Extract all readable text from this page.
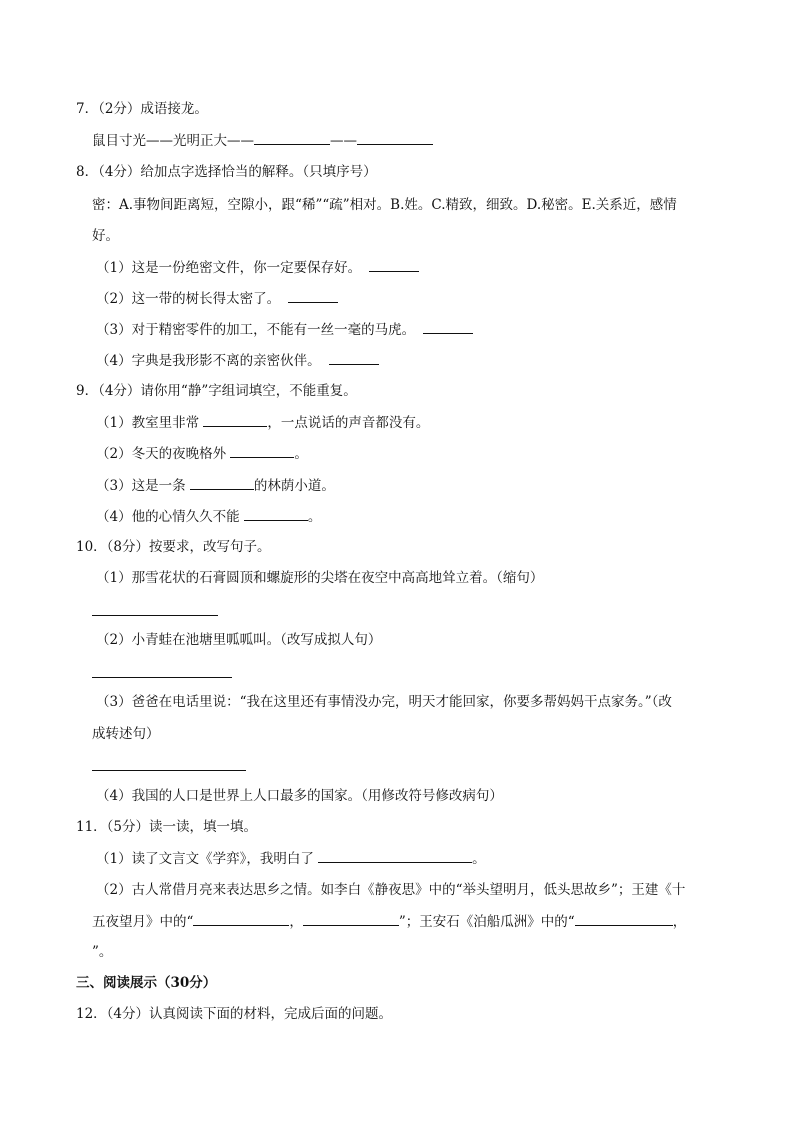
7．（2分）成语接龙。
鼠目寸光——光明正大——	——
8．（4分）给加点字选择恰当的解释。（只填序号）
密：A.事物间距离短，空隙小，跟“稀”“疏”相对。B.姓。C.精致，细致。D.秘密。E.关系近，感情
好。
（1）这是一份绝密文件，你一定要保存好。
（2）这一带的树长得太密了。
（3）对于精密零件的加工，不能有一丝一毫的马虎。
（4）字典是我形影不离的亲密伙伴。
9．（4分）请你用“静”字组词填空，不能重复。
（1）教室里非常	，一点说话的声音都没有。
（2）冬天的夜晚格外	。
（3）这是一条	的林荫小道。
（4）他的心情久久不能	。
10．（8分）按要求，改写句子。
（1）那雪花状的石膏圆顶和螺旋形的尖塔在夜空中高高地耸立着。（缩句）
（2）小青蛙在池塘里呱呱叫。（改写成拟人句）
（3）爸爸在电话里说：“我在这里还有事情没办完，明天才能回家，你要多帮妈妈干点家务。”（改
成转述句）
（4）我国的人口是世界上人口最多的国家。（用修改符号修改病句）
11．（5分）读一读，填一填。
（1）读了文言文《学弈》，我明白了	。
（2）古人常借月亮来表达思乡之情。如李白《静夜思》中的“举头望明月，低头思故乡”；王建《十
五夜望月》中的“	，	”；王安石《泊船瓜洲》中的“	，
”。
三、阅读展示（30分）
12．（4分）认真阅读下面的材料，完成后面的问题。
